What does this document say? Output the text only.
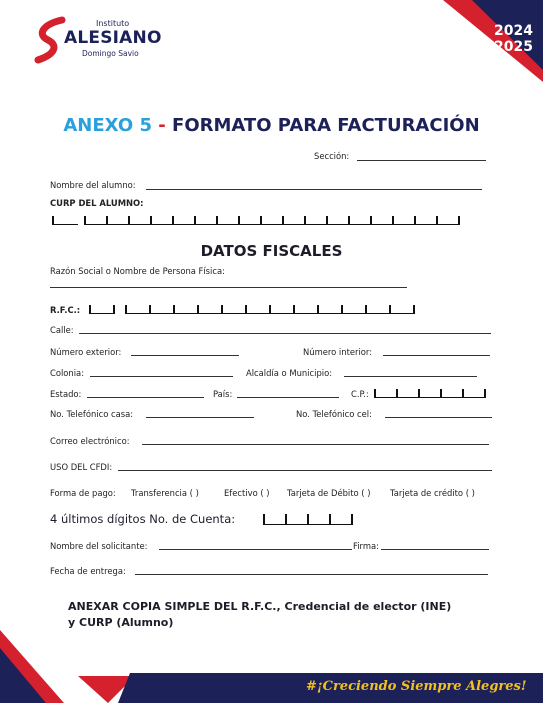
Instituto
ALESIANO
Domingo Savio
2024
2025
ANEXO 5 - FORMATO PARA FACTURACIÓN
Sección:
Nombre del alumno:
CURP DEL ALUMNO:
DATOS FISCALES
Razón Social o Nombre de Persona Física:
R.F.C.:
Calle:
Número exterior:	Número interior:
Colonia:	Alcaldía o Municipio:
Estado:	País:	C.P.:
No. Telefónico casa:	No. Telefónico cel:
Correo electrónico:
USO DEL CFDI:
Forma de pago: Transferencia ( )	Efectivo ( ) Tarjeta de Débito ( ) Tarjeta de crédito ( )
4 últimos dígitos No. de Cuenta:
Nombre del solicitante:	Firma:
Fecha de entrega:
ANEXAR COPIA SIMPLE DEL R.F.C., Credencial de elector (INE)
y CURP (Alumno)
#¡Creciendo Siempre Alegres!
